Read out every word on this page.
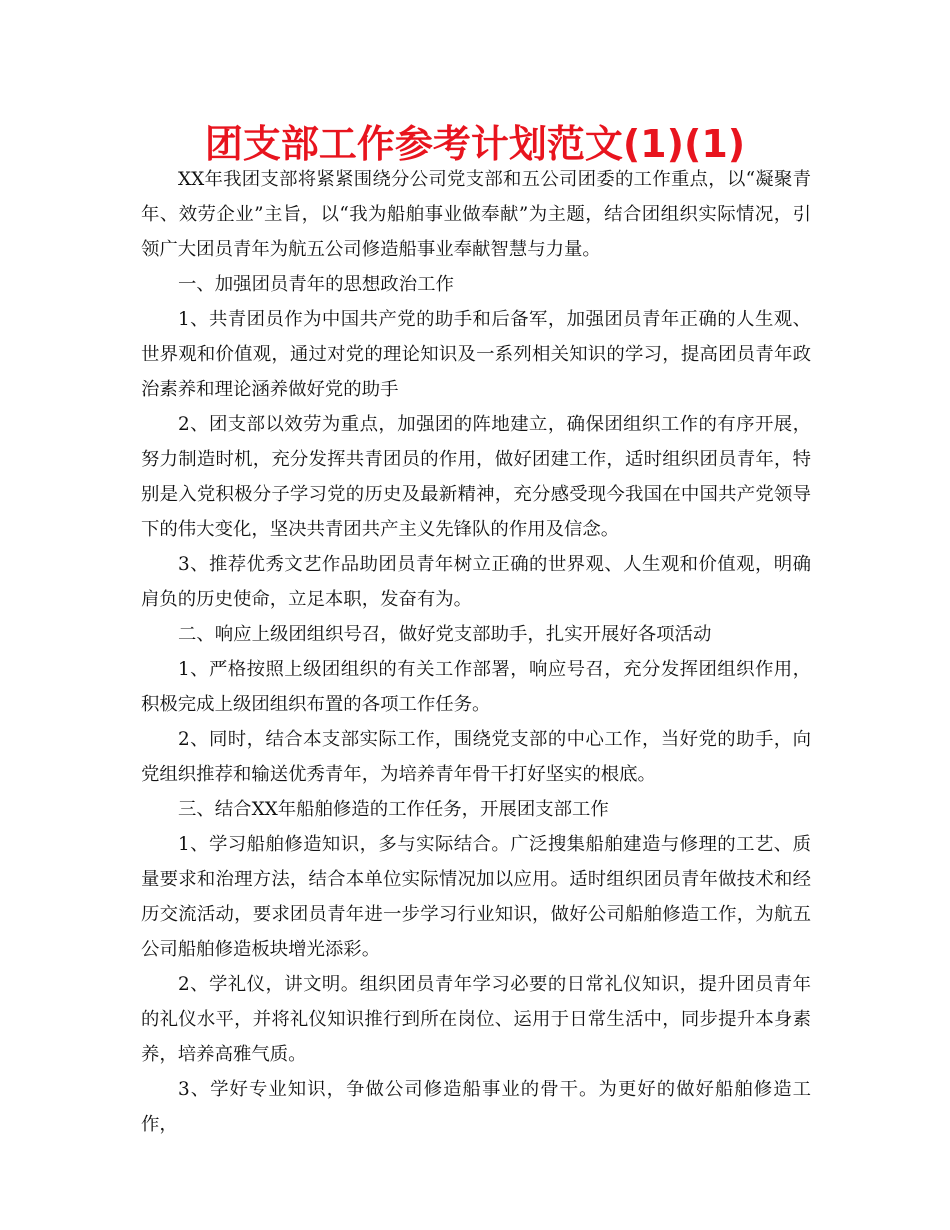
团支部工作参考计划范文(1)(1)

XX年我团支部将紧紧围绕分公司党支部和五公司团委的工作重点，以“凝聚青年、效劳企业”主旨，以“我为船舶事业做奉献”为主题，结合团组织实际情况，引领广大团员青年为航五公司修造船事业奉献智慧与力量。

一、加强团员青年的思想政治工作

1、共青团员作为中国共产党的助手和后备军，加强团员青年正确的人生观、世界观和价值观，通过对党的理论知识及一系列相关知识的学习，提高团员青年政治素养和理论涵养做好党的助手

2、团支部以效劳为重点，加强团的阵地建立，确保团组织工作的有序开展，努力制造时机，充分发挥共青团员的作用，做好团建工作，适时组织团员青年，特别是入党积极分子学习党的历史及最新精神，充分感受现今我国在中国共产党领导下的伟大变化，坚决共青团共产主义先锋队的作用及信念。

3、推荐优秀文艺作品助团员青年树立正确的世界观、人生观和价值观，明确肩负的历史使命，立足本职，发奋有为。

二、响应上级团组织号召，做好党支部助手，扎实开展好各项活动

1、严格按照上级团组织的有关工作部署，响应号召，充分发挥团组织作用，积极完成上级团组织布置的各项工作任务。

2、同时，结合本支部实际工作，围绕党支部的中心工作，当好党的助手，向党组织推荐和输送优秀青年，为培养青年骨干打好坚实的根底。

三、结合XX年船舶修造的工作任务，开展团支部工作

1、学习船舶修造知识，多与实际结合。广泛搜集船舶建造与修理的工艺、质量要求和治理方法，结合本单位实际情况加以应用。适时组织团员青年做技术和经历交流活动，要求团员青年进一步学习行业知识，做好公司船舶修造工作，为航五公司船舶修造板块增光添彩。

2、学礼仪，讲文明。组织团员青年学习必要的日常礼仪知识，提升团员青年的礼仪水平，并将礼仪知识推行到所在岗位、运用于日常生活中，同步提升本身素养，培养高雅气质。

3、学好专业知识，争做公司修造船事业的骨干。为更好的做好船舶修造工作，
